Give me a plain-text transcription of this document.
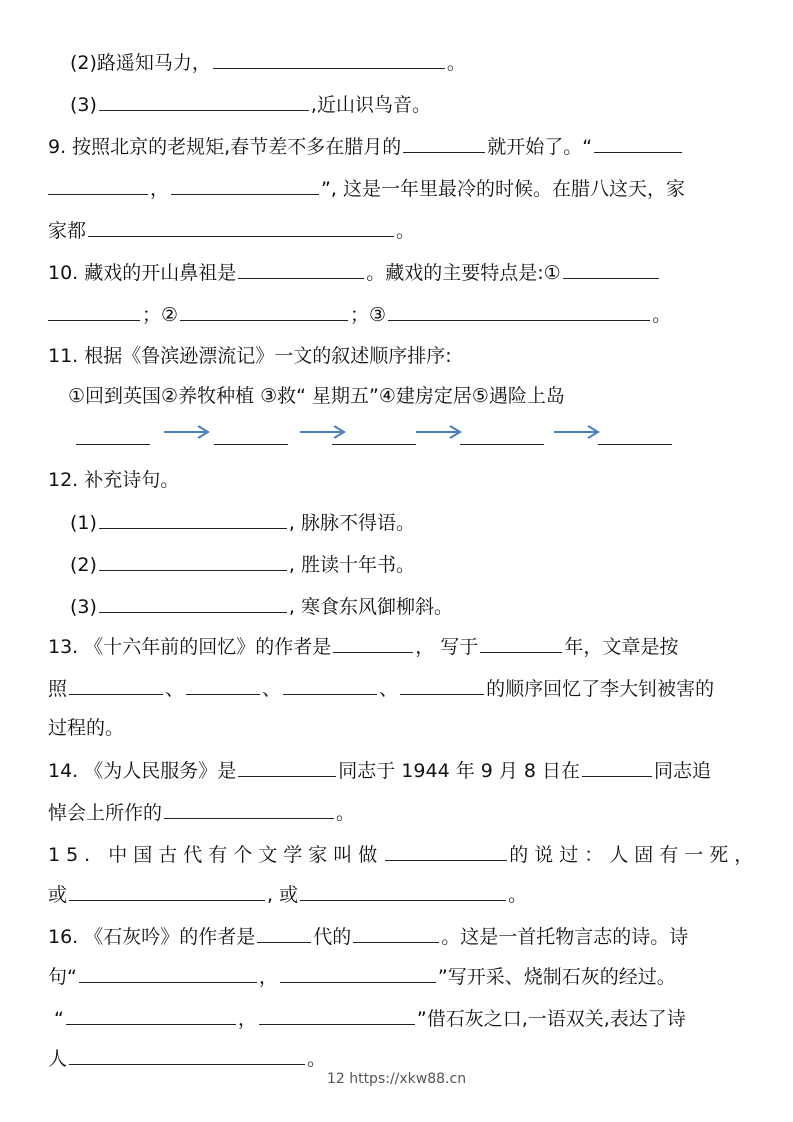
(2)路遥知马力，	。
(3)	,近山识鸟音。
9. 按照北京的老规矩,春节差不多在腊月的	就开始了。“
，	”, 这是一年里最冷的时候。在腊八这天，家
家都	。
10. 藏戏的开山鼻祖是	。藏戏的主要特点是:①
；②	；③	。
11. 根据《鲁滨逊漂流记》一文的叙述顺序排序:
①回到英国②养牧种植 ③救“ 星期五”④建房定居⑤遇险上岛
12. 补充诗句。
(1)	, 脉脉不得语。
(2)	, 胜读十年书。
(3)	, 寒食东风御柳斜。
13. 《十六年前的回忆》的作者是	， 写于	年，文章是按
照	、	、	、	的顺序回忆了李大钊被害的
过程的。
14. 《为人民服务》是	同志于 1944 年 9 月 8 日在	同志追
悼会上所作的	。
15. 中国古代有个文学家叫做	的说过：人固有一死，
或	, 或	。
16. 《石灰吟》的作者是	代的	。这是一首托物言志的诗。诗
句“	，	”写开采、烧制石灰的经过。
“	，	”借石灰之口,一语双关,表达了诗
人	。
12 https://xkw88.cn
